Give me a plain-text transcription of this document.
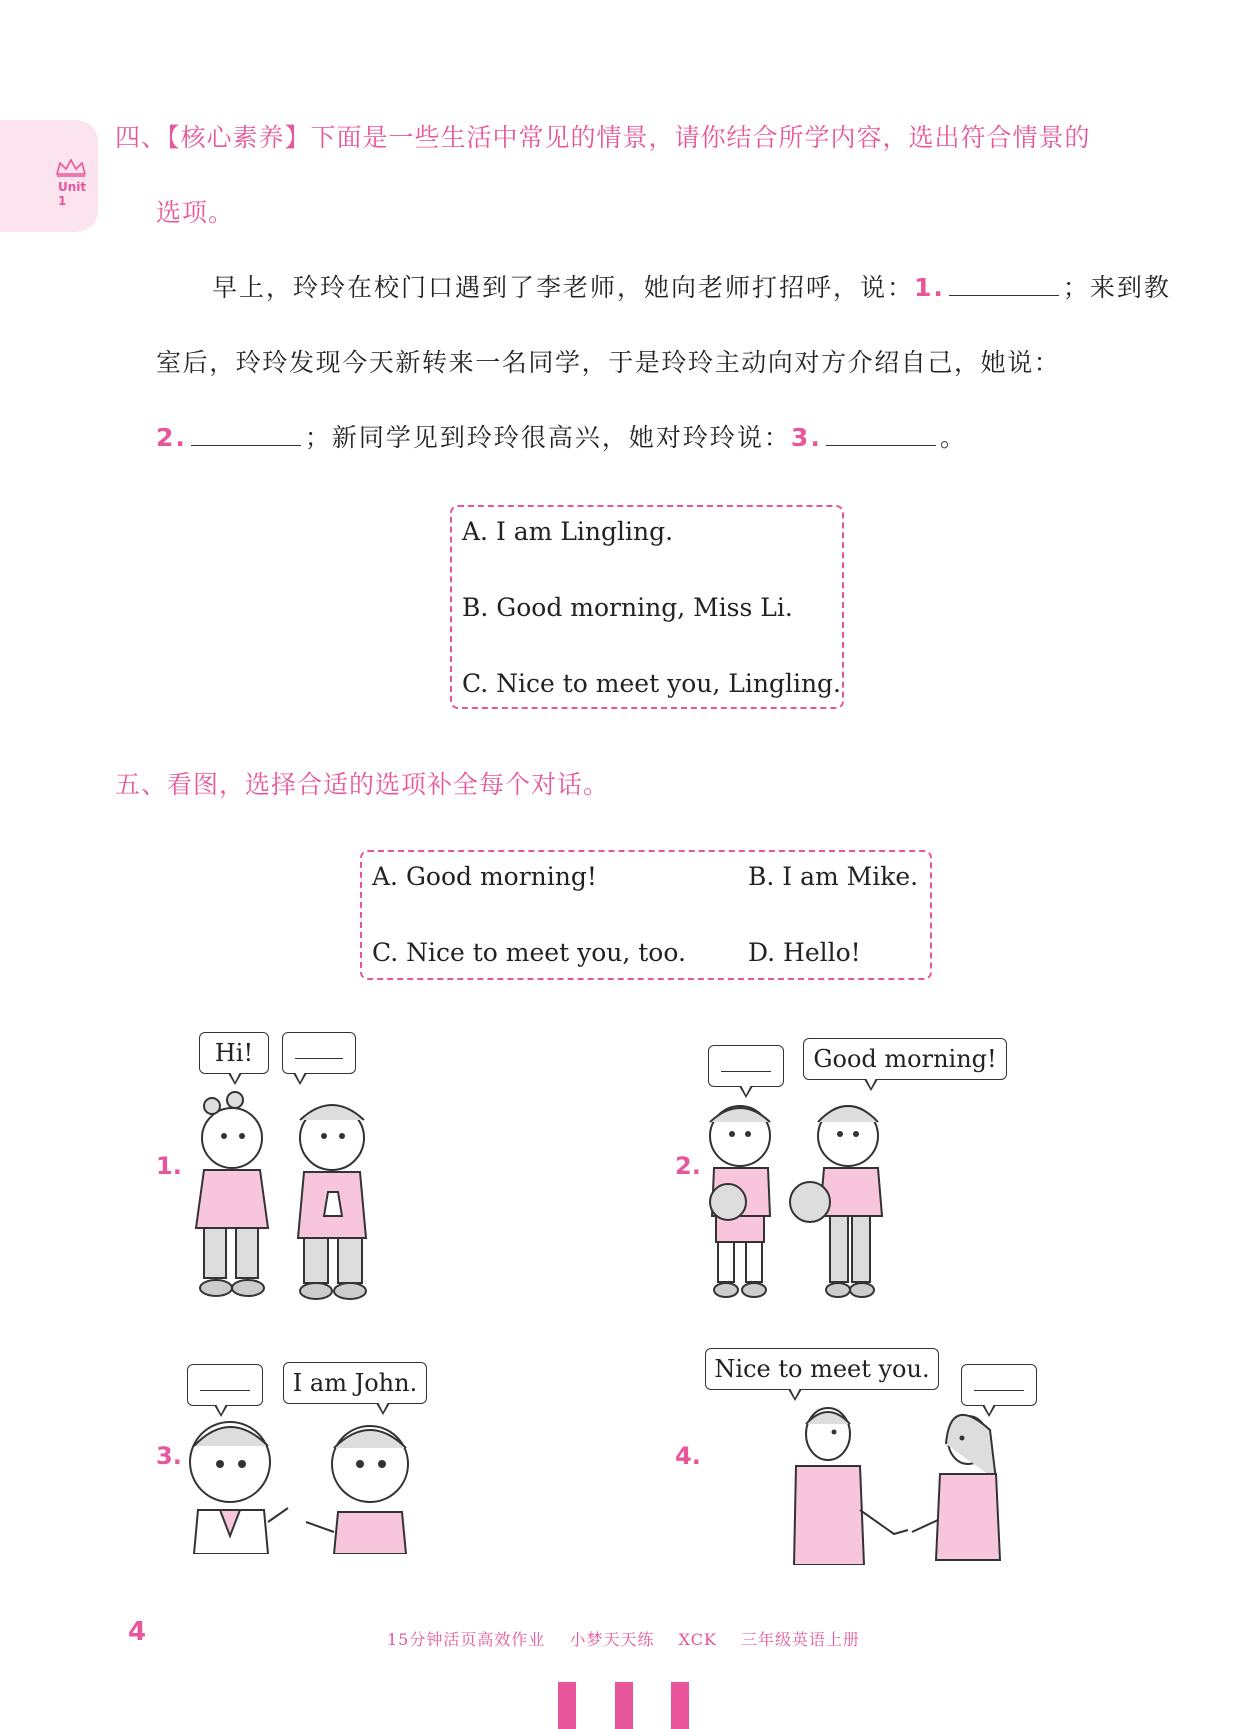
Unit 1
四、【核心素养】下面是一些生活中常见的情景，请你结合所学内容，选出符合情景的
选项。
早上，玲玲在校门口遇到了李老师，她向老师打招呼，说：1.	；来到教
室后，玲玲发现今天新转来一名同学，于是玲玲主动向对方介绍自己，她说：
2.	；新同学见到玲玲很高兴，她对玲玲说：3.	。
A. I am Lingling.
B. Good morning, Miss Li.
C. Nice to meet you, Lingling.
五、看图，选择合适的选项补全每个对话。
A. Good morning!	B. I am Mike.
C. Nice to meet you, too. D. Hello!
1.
Hi!
2.
Good morning!
3.
I am John.
4.
Nice to meet you.
4	15分钟活页高效作业 小梦天天练 XCK 三年级英语上册
